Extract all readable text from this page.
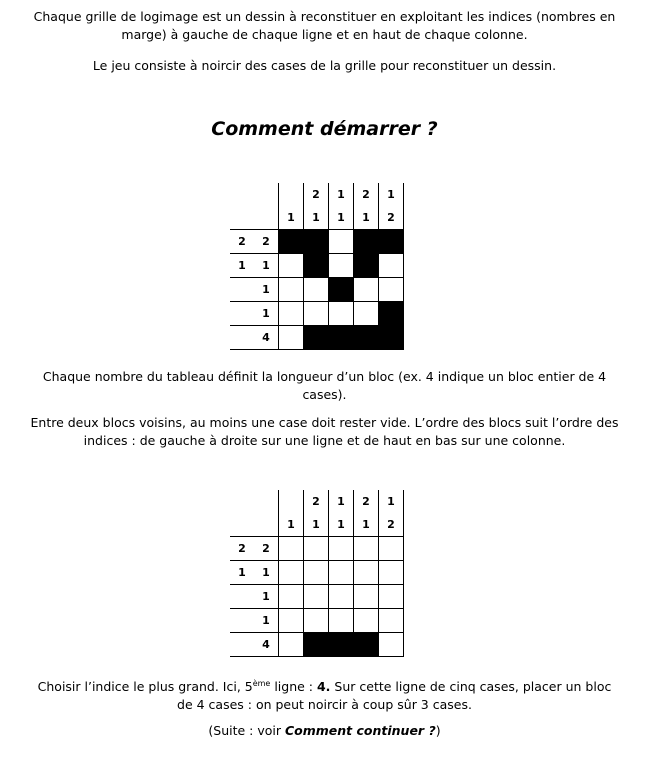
Chaque grille de logimage est un dessin à reconstituer en exploitant les indices (nombres en marge) à gauche de chaque ligne et en haut de chaque colonne.
Le jeu consiste à noircir des cases de la grille pour reconstituer un dessin.
Comment démarrer ?
			2	1	2	1
		1	1	1	1	2
2	2					
1	1					
	1					
	1					
	4					
Chaque nombre du tableau définit la longueur d’un bloc (ex. 4 indique un bloc entier de 4 cases).
Entre deux blocs voisins, au moins une case doit rester vide. L’ordre des blocs suit l’ordre des indices : de gauche à droite sur une ligne et de haut en bas sur une colonne.
			2	1	2	1
		1	1	1	1	2
2	2					
1	1					
	1					
	1					
	4					
Choisir l’indice le plus grand. Ici, 5ème ligne : 4. Sur cette ligne de cinq cases, placer un bloc de 4 cases : on peut noircir à coup sûr 3 cases.
(Suite : voir Comment continuer ?)
